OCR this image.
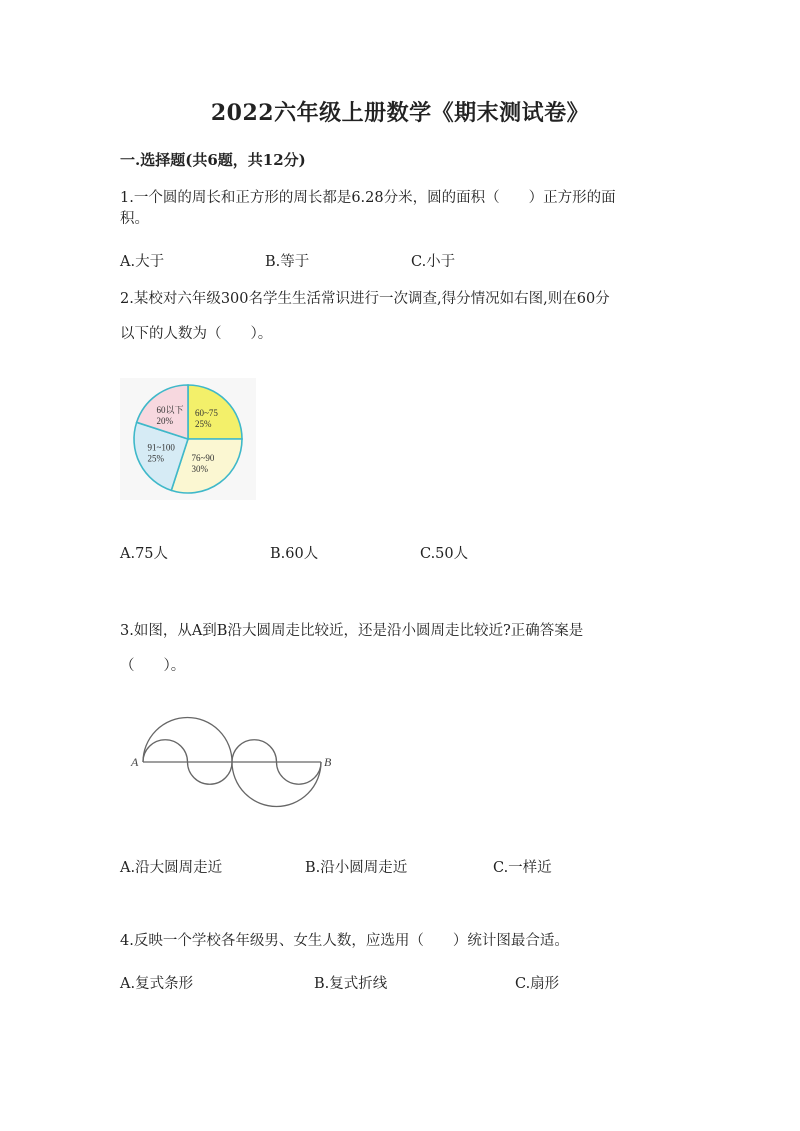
2022六年级上册数学《期末测试卷》
一.选择题(共6题，共12分)
1.一个圆的周长和正方形的周长都是6.28分米，圆的面积（　　）正方形的面
积。
A.大于	B.等于	C.小于
2.某校对六年级300名学生生活常识进行一次调查,得分情况如右图,则在60分
以下的人数为（　　）。
60~75
25%
76~90
30%
91~100
25%
60以下
20%
A.75人	B.60人	C.50人
3.如图，从A到B沿大圆周走比较近，还是沿小圆周走比较近?正确答案是
（　　）。
A	B
A.沿大圆周走近	B.沿小圆周走近	C.一样近
4.反映一个学校各年级男、女生人数，应选用（　　）统计图最合适。
A.复式条形	B.复式折线	C.扇形
